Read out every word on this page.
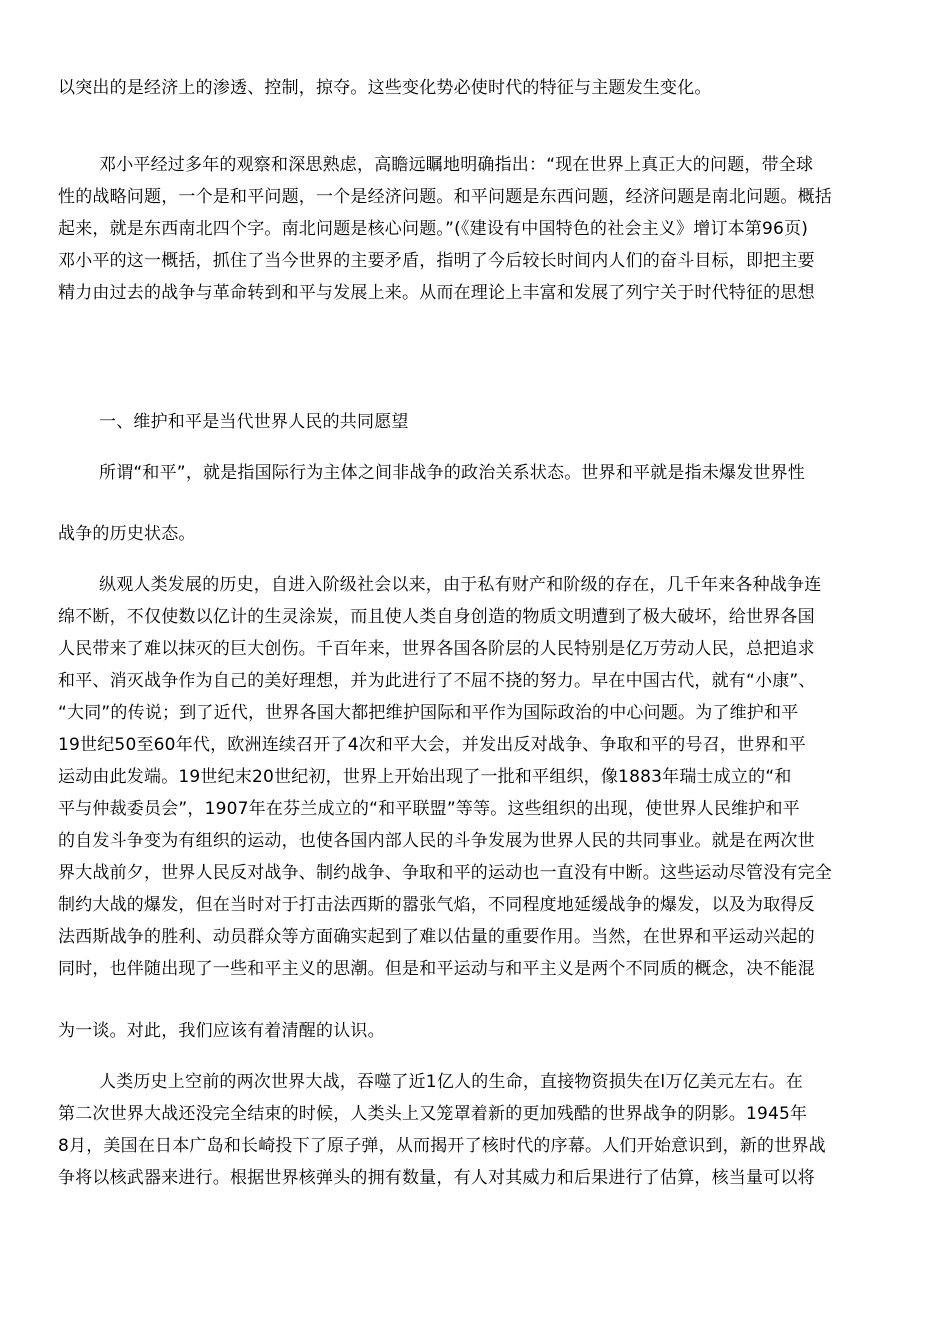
以突出的是经济上的渗透、控制，掠夺。这些变化势必使时代的特征与主题发生变化。
邓小平经过多年的观察和深思熟虑，高瞻远瞩地明确指出：“现在世界上真正大的问题，带全球
性的战略问题，一个是和平问题，一个是经济问题。和平问题是东西问题，经济问题是南北问题。概括
起来，就是东西南北四个字。南北问题是核心问题。”(《建设有中国特色的社会主义》增订本第96页)
邓小平的这一概括，抓住了当今世界的主要矛盾，指明了今后较长时间内人们的奋斗目标，即把主要
精力由过去的战争与革命转到和平与发展上来。从而在理论上丰富和发展了列宁关于时代特征的思想
一、维护和平是当代世界人民的共同愿望
所谓“和平”，就是指国际行为主体之间非战争的政治关系状态。世界和平就是指未爆发世界性
战争的历史状态。
纵观人类发展的历史，自进入阶级社会以来，由于私有财产和阶级的存在，几千年来各种战争连
绵不断，不仅使数以亿计的生灵涂炭，而且使人类自身创造的物质文明遭到了极大破坏，给世界各国
人民带来了难以抹灭的巨大创伤。千百年来，世界各国各阶层的人民特别是亿万劳动人民，总把追求
和平、消灭战争作为自己的美好理想，并为此进行了不屈不挠的努力。早在中国古代，就有“小康”、
“大同”的传说；到了近代，世界各国大都把维护国际和平作为国际政治的中心问题。为了维护和平
19世纪50至60年代，欧洲连续召开了4次和平大会，并发出反对战争、争取和平的号召，世界和平
运动由此发端。19世纪末20世纪初，世界上开始出现了一批和平组织，像1883年瑞士成立的“和
平与仲裁委员会”，1907年在芬兰成立的“和平联盟”等等。这些组织的出现，使世界人民维护和平
的自发斗争变为有组织的运动，也使各国内部人民的斗争发展为世界人民的共同事业。就是在两次世
界大战前夕，世界人民反对战争、制约战争、争取和平的运动也一直没有中断。这些运动尽管没有完全
制约大战的爆发，但在当时对于打击法西斯的嚣张气焰，不同程度地延缓战争的爆发，以及为取得反
法西斯战争的胜利、动员群众等方面确实起到了难以估量的重要作用。当然，在世界和平运动兴起的
同时，也伴随出现了一些和平主义的思潮。但是和平运动与和平主义是两个不同质的概念，决不能混
为一谈。对此，我们应该有着清醒的认识。
人类历史上空前的两次世界大战，吞噬了近1亿人的生命，直接物资损失在l万亿美元左右。在
第二次世界大战还没完全结束的时候，人类头上又笼罩着新的更加残酷的世界战争的阴影。1945年
8月，美国在日本广岛和长崎投下了原子弹，从而揭开了核时代的序幕。人们开始意识到，新的世界战
争将以核武器来进行。根据世界核弹头的拥有数量，有人对其威力和后果进行了估算，核当量可以将
